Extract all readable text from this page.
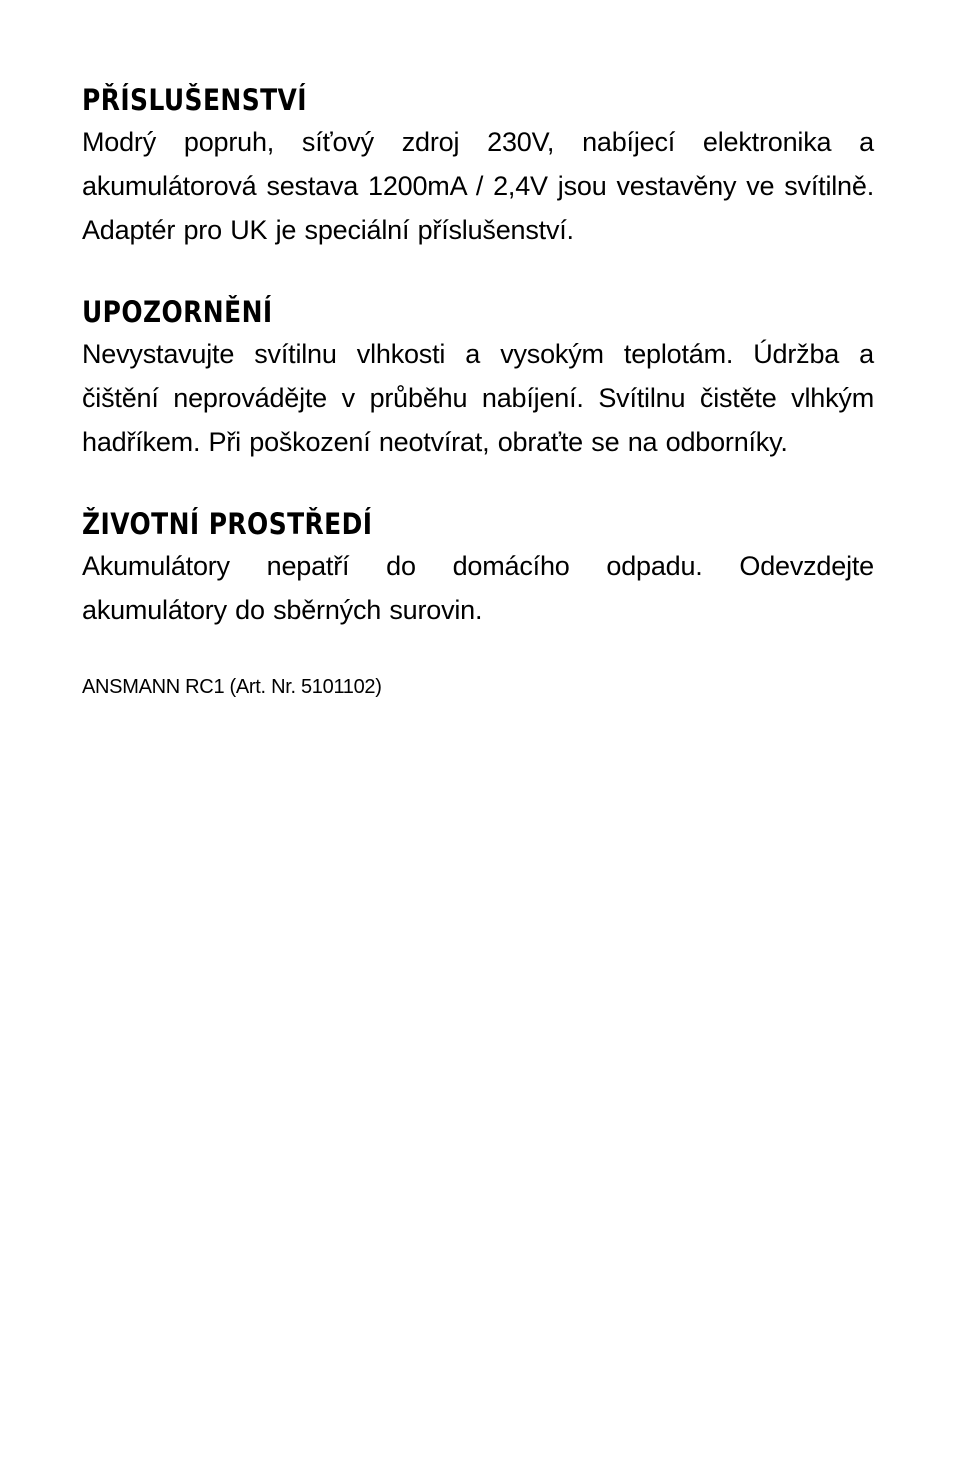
PŘÍSLUŠENSTVÍ

Modrý popruh, síťový zdroj 230V, nabíjecí elektronika a akumulátorová sestava 1200mA / 2,4V jsou vestavěny ve svítilně. Adaptér pro UK je speciální příslušenství.

UPOZORNĚNÍ

Nevystavujte svítilnu vlhkosti a vysokým teplotám. Údržba a čištění neprovádějte v průběhu nabíjení. Svítilnu čistěte vlhkým hadříkem. Při poškození neotvírat, obraťte se na odborníky.

ŽIVOTNÍ PROSTŘEDÍ

Akumulátory nepatří do domácího odpadu. Odevzdejte akumulátory do sběrných surovin.

ANSMANN RC1 (Art. Nr. 5101102)
